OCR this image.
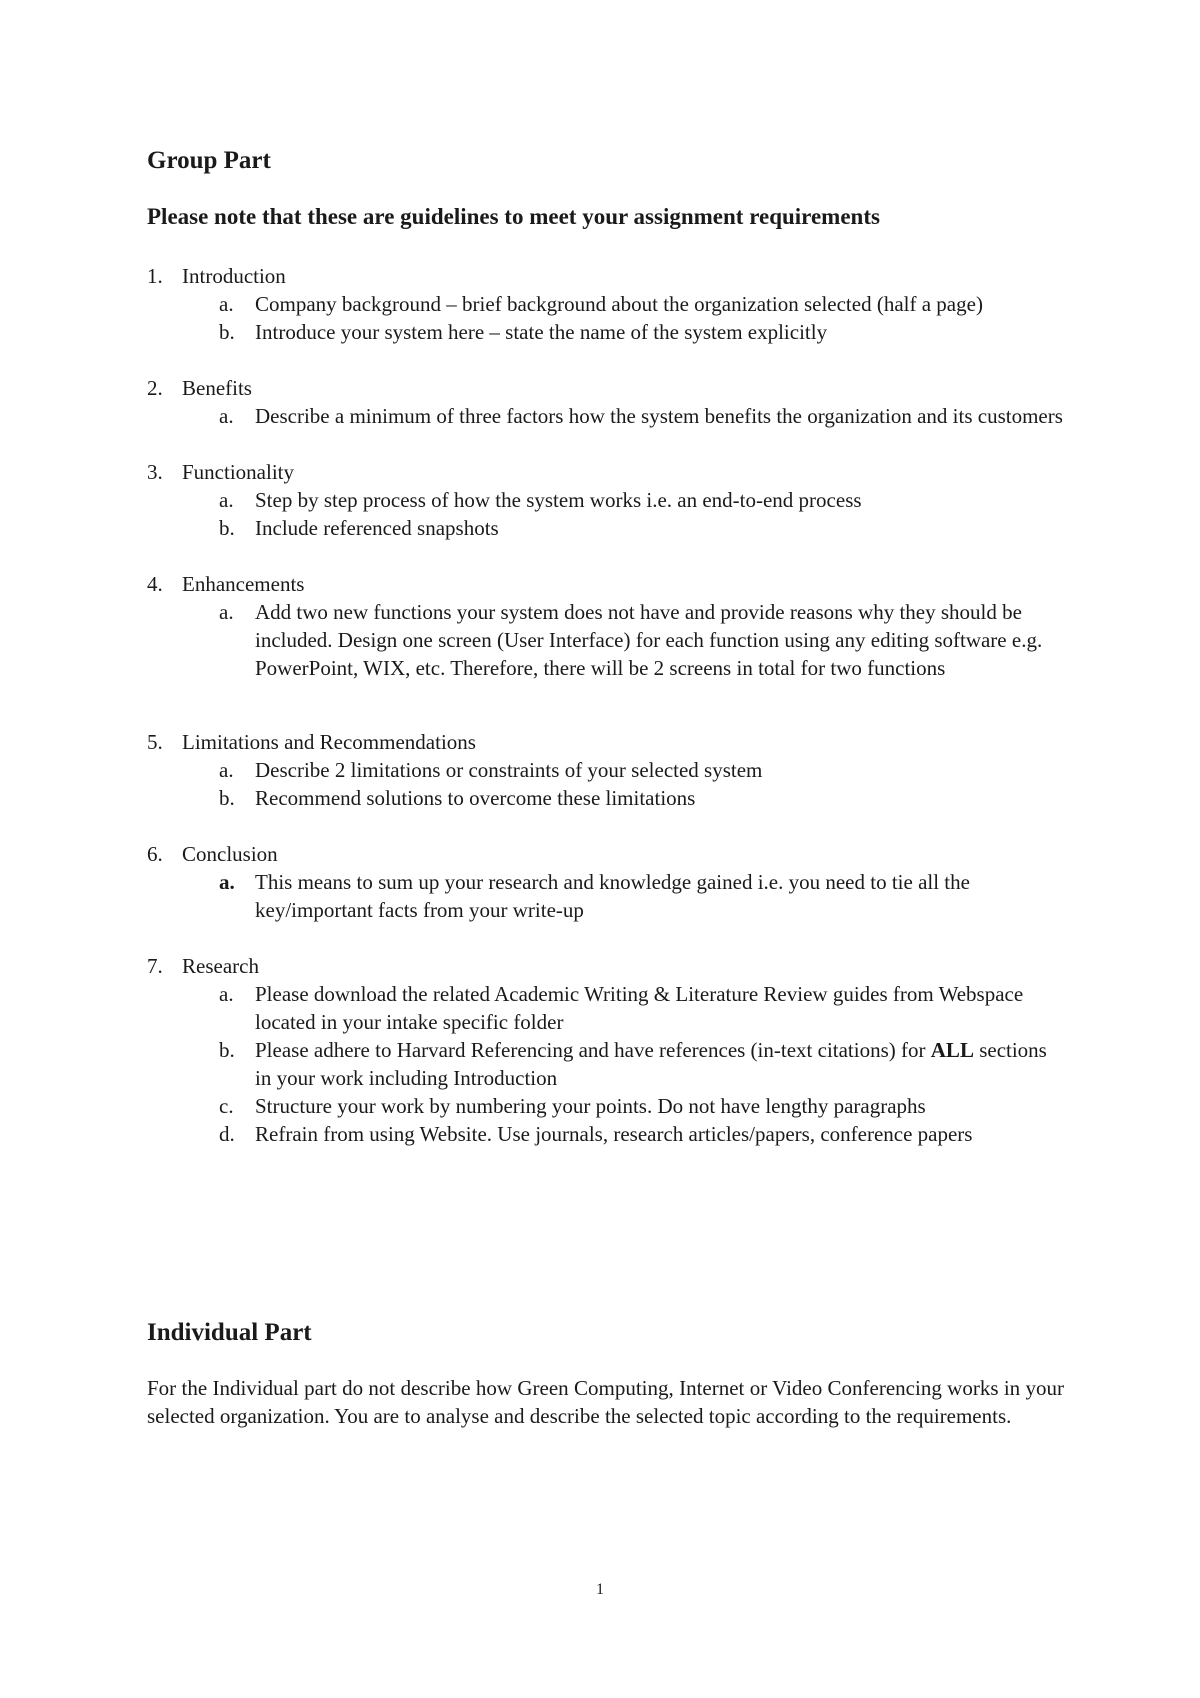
Group Part
Please note that these are guidelines to meet your assignment requirements
1. Introduction
a. Company background – brief background about the organization selected (half a page)
b. Introduce your system here – state the name of the system explicitly
2. Benefits
a. Describe a minimum of three factors how the system benefits the organization and its customers
3. Functionality
a. Step by step process of how the system works i.e. an end-to-end process
b. Include referenced snapshots
4. Enhancements
a. Add two new functions your system does not have and provide reasons why they should be included. Design one screen (User Interface) for each function using any editing software e.g. PowerPoint, WIX, etc. Therefore, there will be 2 screens in total for two functions
5. Limitations and Recommendations
a. Describe 2 limitations or constraints of your selected system
b. Recommend solutions to overcome these limitations
6. Conclusion
a. This means to sum up your research and knowledge gained i.e. you need to tie all the key/important facts from your write-up
7. Research
a. Please download the related Academic Writing & Literature Review guides from Webspace located in your intake specific folder
b. Please adhere to Harvard Referencing and have references (in-text citations) for ALL sections in your work including Introduction
c. Structure your work by numbering your points. Do not have lengthy paragraphs
d. Refrain from using Website. Use journals, research articles/papers, conference papers
Individual Part

For the Individual part do not describe how Green Computing, Internet or Video Conferencing works in your selected organization. You are to analyse and describe the selected topic according to the requirements.

1
